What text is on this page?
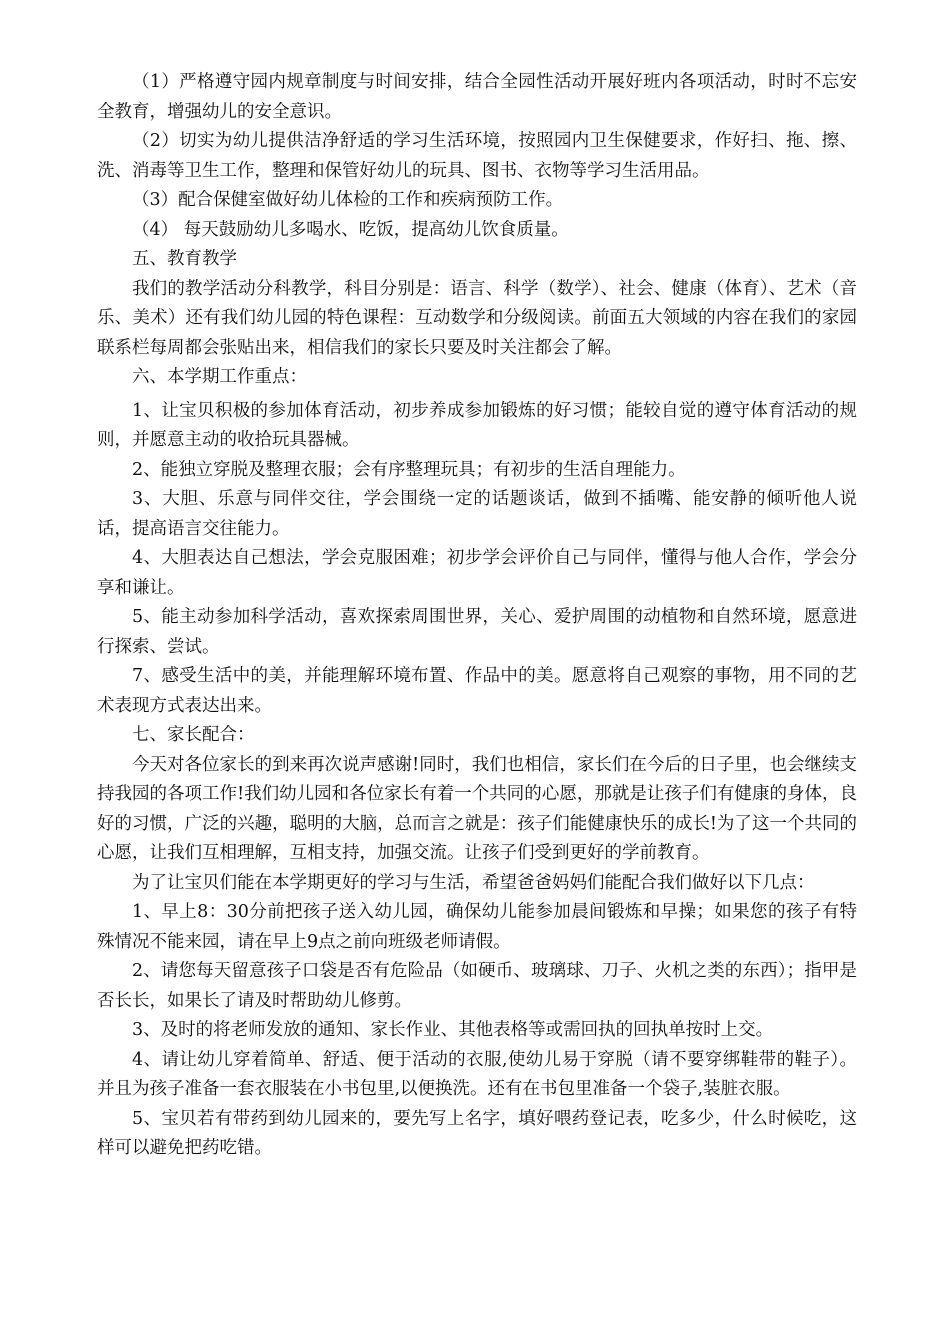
（1）严格遵守园内规章制度与时间安排，结合全园性活动开展好班内各项活动，时时不忘安全教育，增强幼儿的安全意识。

（2）切实为幼儿提供洁净舒适的学习生活环境，按照园内卫生保健要求，作好扫、拖、擦、洗、消毒等卫生工作，整理和保管好幼儿的玩具、图书、衣物等学习生活用品。

（3）配合保健室做好幼儿体检的工作和疾病预防工作。

（4） 每天鼓励幼儿多喝水、吃饭，提高幼儿饮食质量。

五、教育教学

我们的教学活动分科教学，科目分别是：语言、科学（数学）、社会、健康（体育）、艺术（音乐、美术）还有我们幼儿园的特色课程：互动数学和分级阅读。前面五大领域的内容在我们的家园联系栏每周都会张贴出来，相信我们的家长只要及时关注都会了解。

六、本学期工作重点：

1、让宝贝积极的参加体育活动，初步养成参加锻炼的好习惯；能较自觉的遵守体育活动的规则，并愿意主动的收拾玩具器械。

2、能独立穿脱及整理衣服；会有序整理玩具；有初步的生活自理能力。

3、大胆、乐意与同伴交往，学会围绕一定的话题谈话，做到不插嘴、能安静的倾听他人说话，提高语言交往能力。

4、大胆表达自己想法，学会克服困难；初步学会评价自己与同伴，懂得与他人合作，学会分享和谦让。

5、能主动参加科学活动，喜欢探索周围世界，关心、爱护周围的动植物和自然环境，愿意进行探索、尝试。

7、感受生活中的美，并能理解环境布置、作品中的美。愿意将自己观察的事物，用不同的艺术表现方式表达出来。

七、家长配合：

今天对各位家长的到来再次说声感谢!同时，我们也相信，家长们在今后的日子里，也会继续支持我园的各项工作!我们幼儿园和各位家长有着一个共同的心愿，那就是让孩子们有健康的身体，良好的习惯，广泛的兴趣，聪明的大脑，总而言之就是：孩子们能健康快乐的成长!为了这一个共同的心愿，让我们互相理解，互相支持，加强交流。让孩子们受到更好的学前教育。

为了让宝贝们能在本学期更好的学习与生活，希望爸爸妈妈们能配合我们做好以下几点：

1、早上8：30分前把孩子送入幼儿园，确保幼儿能参加晨间锻炼和早操；如果您的孩子有特殊情况不能来园，请在早上9点之前向班级老师请假。

2、请您每天留意孩子口袋是否有危险品（如硬币、玻璃球、刀子、火机之类的东西）；指甲是否长长，如果长了请及时帮助幼儿修剪。

3、及时的将老师发放的通知、家长作业、其他表格等或需回执的回执单按时上交。

4、请让幼儿穿着简单、舒适、便于活动的衣服,使幼儿易于穿脱（请不要穿绑鞋带的鞋子）。并且为孩子准备一套衣服装在小书包里,以便换洗。还有在书包里准备一个袋子,装脏衣服。

5、宝贝若有带药到幼儿园来的，要先写上名字，填好喂药登记表，吃多少，什么时候吃，这样可以避免把药吃错。
